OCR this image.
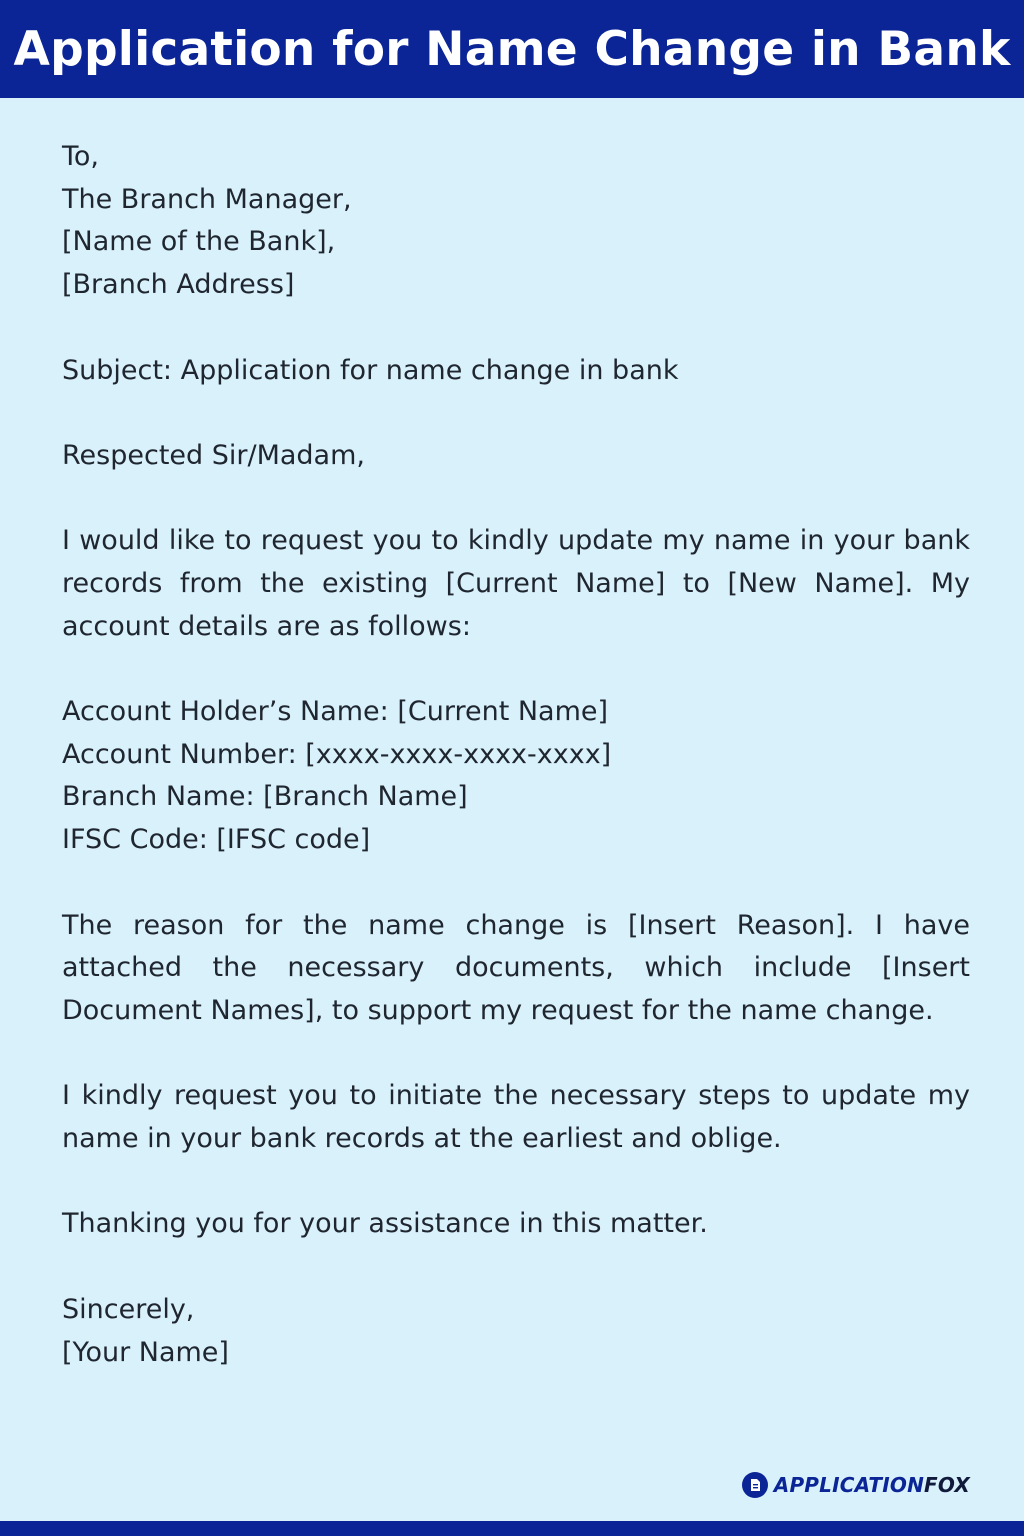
Application for Name Change in Bank
To,
The Branch Manager,
[Name of the Bank],
[Branch Address]
Subject: Application for name change in bank
Respected Sir/Madam,
I would like to request you to kindly update my name in your bank records from the existing [Current Name] to [New Name]. My account details are as follows:
Account Holder’s Name: [Current Name]
Account Number: [xxxx-xxxx-xxxx-xxxx]
Branch Name: [Branch Name]
IFSC Code: [IFSC code]
The reason for the name change is [Insert Reason]. I have attached the necessary documents, which include [Insert Document Names], to support my request for the name change.
I kindly request you to initiate the necessary steps to update my name in your bank records at the earliest and oblige.
Thanking you for your assistance in this matter.
Sincerely,
[Your Name]
APPLICATIONFOX
